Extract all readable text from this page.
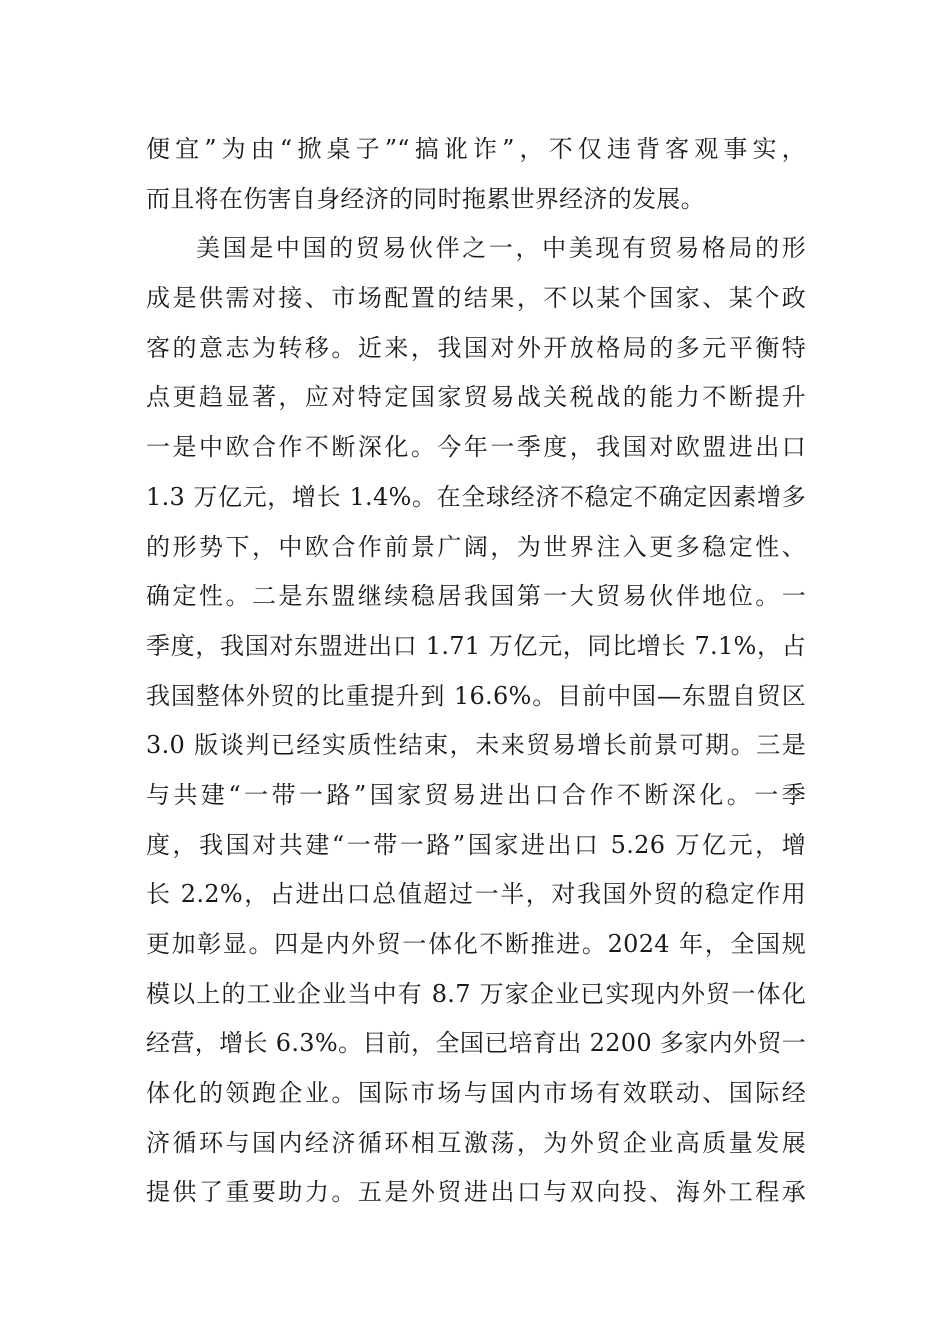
便宜”为由“掀桌子”“搞讹诈”，不仅违背客观事实，
而且将在伤害自身经济的同时拖累世界经济的发展。
美国是中国的贸易伙伴之一，中美现有贸易格局的形
成是供需对接、市场配置的结果，不以某个国家、某个政
客的意志为转移。近来，我国对外开放格局的多元平衡特
点更趋显著，应对特定国家贸易战关税战的能力不断提升
一是中欧合作不断深化。今年一季度，我国对欧盟进出口
1.3 万亿元，增长 1.4%。在全球经济不稳定不确定因素增多
的形势下，中欧合作前景广阔，为世界注入更多稳定性、
确定性。二是东盟继续稳居我国第一大贸易伙伴地位。一
季度，我国对东盟进出口 1.71 万亿元，同比增长 7.1%，占
我国整体外贸的比重提升到 16.6%。目前中国—东盟自贸区
3.0 版谈判已经实质性结束，未来贸易增长前景可期。三是
与共建“一带一路”国家贸易进出口合作不断深化。一季
度，我国对共建“一带一路”国家进出口 5.26 万亿元，增
长 2.2%，占进出口总值超过一半，对我国外贸的稳定作用
更加彰显。四是内外贸一体化不断推进。2024 年，全国规
模以上的工业企业当中有 8.7 万家企业已实现内外贸一体化
经营，增长 6.3%。目前，全国已培育出 2200 多家内外贸一
体化的领跑企业。国际市场与国内市场有效联动、国际经
济循环与国内经济循环相互激荡，为外贸企业高质量发展
提供了重要助力。五是外贸进出口与双向投、海外工程承
